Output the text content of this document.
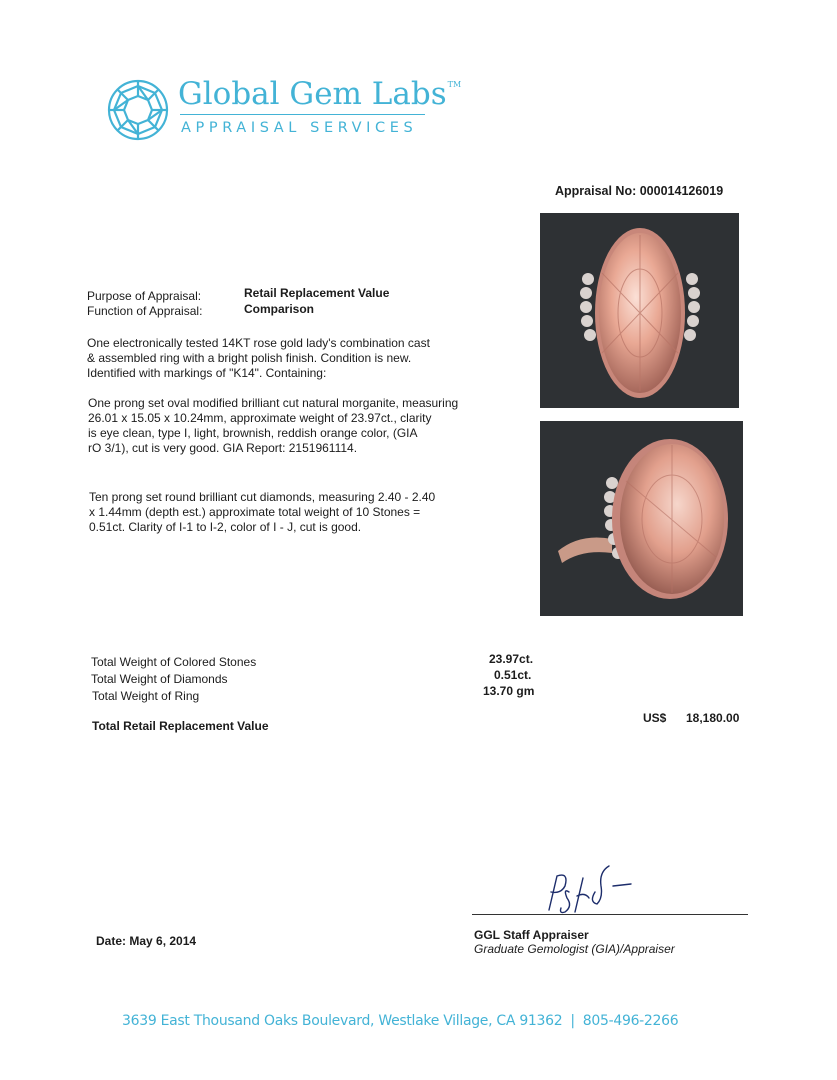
Global Gem Labs™
APPRAISAL SERVICES
Appraisal No: 000014126019
Purpose of Appraisal:	Retail Replacement Value
Function of Appraisal:	Comparison
One electronically tested 14KT rose gold lady's combination cast
& assembled ring with a bright polish finish. Condition is new.
Identified with markings of "K14". Containing:
One prong set oval modified brilliant cut natural morganite, measuring
26.01 x 15.05 x 10.24mm, approximate weight of 23.97ct., clarity
is eye clean, type I, light, brownish, reddish orange color, (GIA
rO 3/1), cut is very good. GIA Report: 2151961114.
Ten prong set round brilliant cut diamonds, measuring 2.40 - 2.40
x 1.44mm (depth est.) approximate total weight of 10 Stones =
0.51ct. Clarity of I-1 to I-2, color of I - J, cut is good.
Total Weight of Colored Stones
Total Weight of Diamonds
Total Weight of Ring
23.97ct.
0.51ct.
13.70 gm
Total Retail Replacement Value
US$ 18,180.00
GGL Staff Appraiser
Graduate Gemologist (GIA)/Appraiser
Date: May 6, 2014
3639 East Thousand Oaks Boulevard, Westlake Village, CA 91362 | 805-496-2266
